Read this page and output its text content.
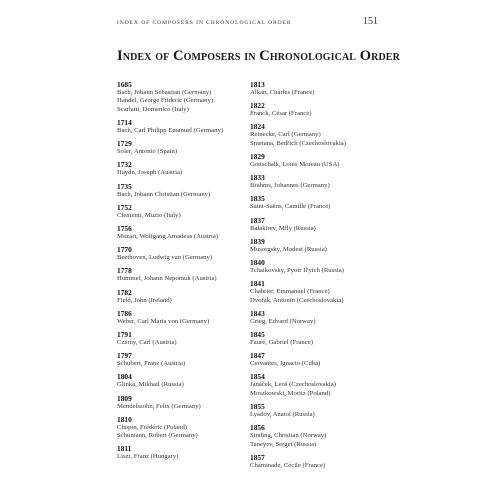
INDEX OF COMPOSERS IN CHRONOLOGICAL ORDER	151
Index of Composers in Chronological Order
1685
Bach, Johann Sebastian (Germany)
Handel, George Frideric (Germany)
Scarlatti, Domenico (Italy)
1714
Bach, Carl Philipp Emanuel (Germany)
1729
Soler, Antonio (Spain)
1732
Haydn, Joseph (Austria)
1735
Bach, Johann Christian (Germany)
1752
Clementi, Muzio (Italy)
1756
Mozart, Wolfgang Amadeus (Austria)
1770
Beethoven, Ludwig van (Germany)
1778
Hummel, Johann Nepomuk (Austria)
1782
Field, John (Ireland)
1786
Weber, Carl Maria von (Germany)
1791
Czerny, Carl (Austria)
1797
Schubert, Franz (Austria)
1804
Glinka, Mikhail (Russia)
1809
Mendelssohn, Felix (Germany)
1810
Chopin, Frédéric (Poland)
Schumann, Robert (Germany)
1811
Liszt, Franz (Hungary)
1813
Alkan, Charles (France)
1822
Franck, César (France)
1824
Reinecke, Carl (Germany)
Smetana, Bedřich (Czechoslovakia)
1829
Gottschalk, Louis Moreau (USA)
1833
Brahms, Johannes (Germany)
1835
Saint-Saëns, Camille (France)
1837
Balakirev, Mily (Russia)
1839
Musorgsky, Modest (Russia)
1840
Tchaikovsky, Pyotr Il'yich (Russia)
1841
Chabrier, Emmanuel (France)
Dvořák, Antonín (Czechoslovakia)
1843
Grieg, Edvard (Norway)
1845
Fauré, Gabriel (France)
1847
Cervantes, Ignacio (Cuba)
1854
Janáček, Leoš (Czechoslovakia)
Moszkowski, Moritz (Poland)
1855
Lyadov, Anatol (Russia)
1856
Sinding, Christian (Norway)
Taneyev, Sergei (Russia)
1857
Chaminade, Cécile (France)
